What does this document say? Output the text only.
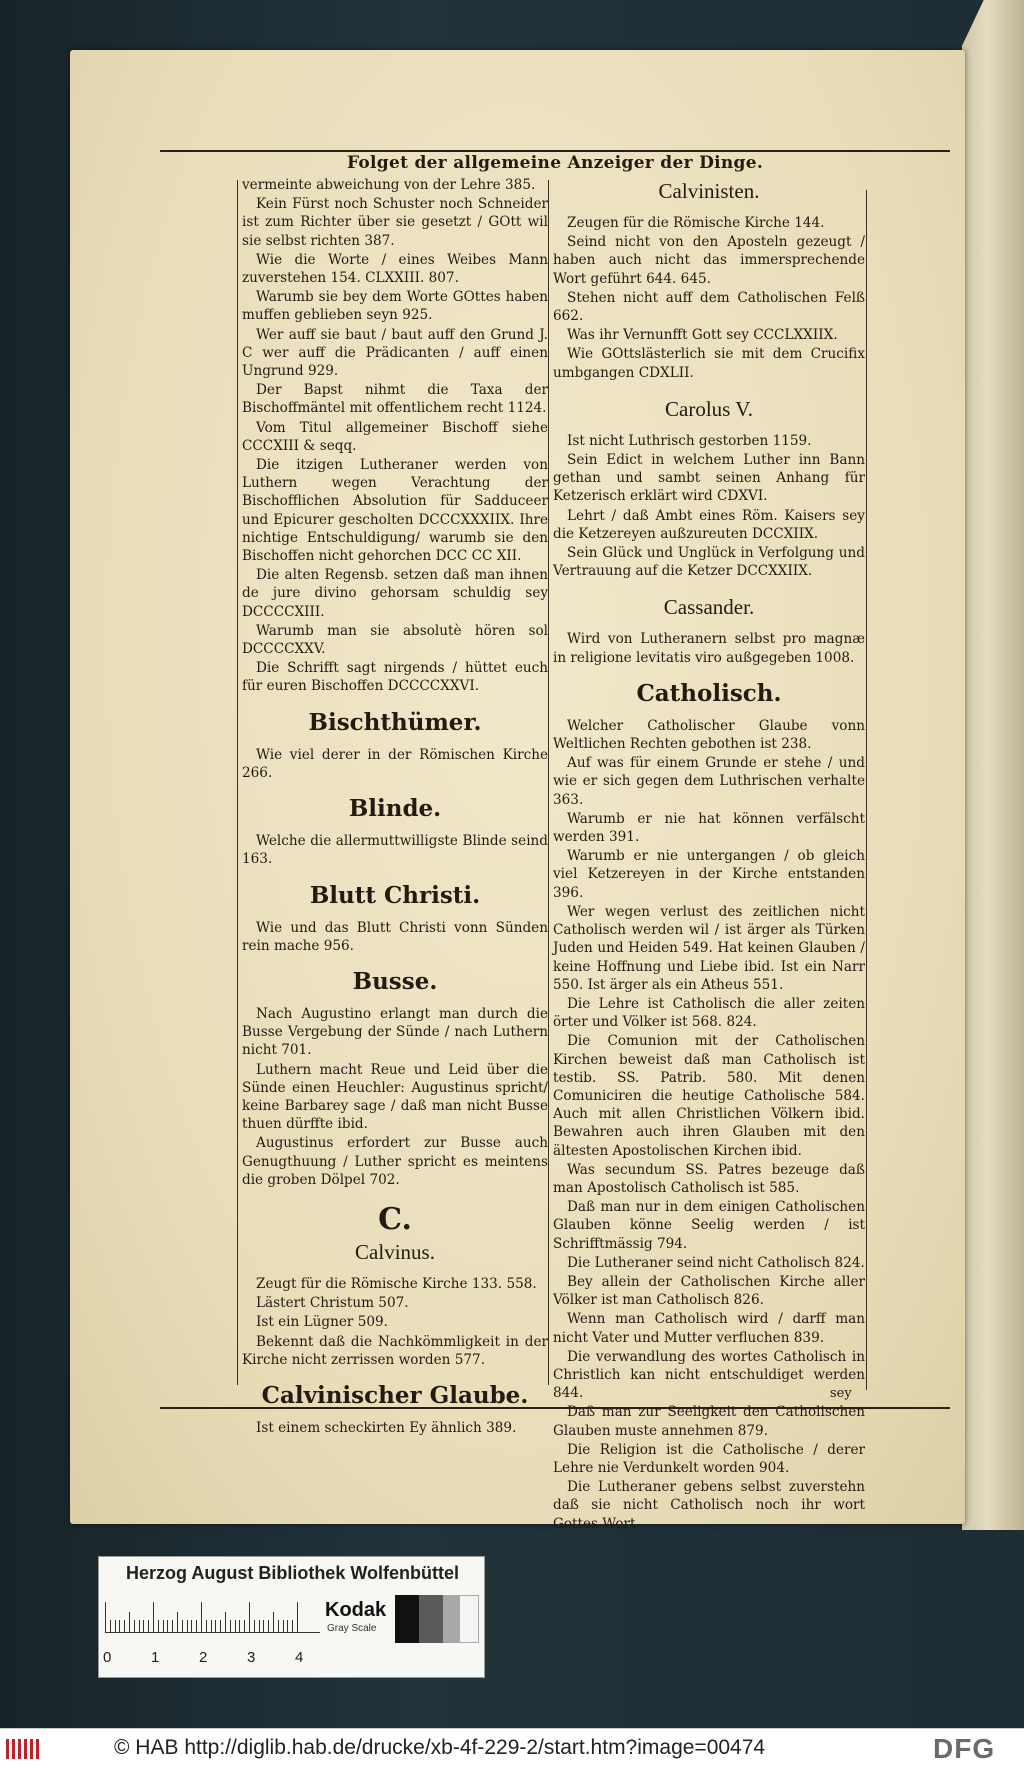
Folget der allgemeine Anzeiger der Dinge.

vermeinte abweichung von der Lehre 385.

Kein Fürst noch Schuster noch Schneider ist zum Richter über sie gesetzt / GOtt wil sie selbst richten 387.

Wie die Worte / eines Weibes Mann zuverstehen 154. CLXXIII. 807.

Warumb sie bey dem Worte GOttes haben muffen geblieben seyn 925.

Wer auff sie baut / baut auff den Grund J. C wer auff die Prädicanten / auff einen Ungrund 929.

Der Bapst nihmt die Taxa der Bischoffmäntel mit offentlichem recht 1124.

Vom Titul allgemeiner Bischoff siehe CCCXIII & seqq.

Die itzigen Lutheraner werden von Luthern wegen Verachtung der Bischofflichen Absolution für Sadduceer und Epicurer gescholten DCCCXXXIIX. Ihre nichtige Entschuldigung/ warumb sie den Bischoffen nicht gehorchen DCC CC XII.

Die alten Regensb. setzen daß man ihnen de jure divino gehorsam schuldig sey DCCCCXIII.

Warumb man sie absolutè hören sol DCCCCXXV.

Die Schrifft sagt nirgends / hüttet euch für euren Bischoffen DCCCCXXVI.

Bischthümer.

Wie viel derer in der Römischen Kirche 266.

Blinde.

Welche die allermuttwilligste Blinde seind 163.

Blutt Christi.

Wie und das Blutt Christi vonn Sünden rein mache 956.

Busse.

Nach Augustino erlangt man durch die Busse Vergebung der Sünde / nach Luthern nicht 701.

Luthern macht Reue und Leid über die Sünde einen Heuchler: Augustinus spricht/ keine Barbarey sage / daß man nicht Busse thuen dürffte ibid.

Augustinus erfordert zur Busse auch Genugthuung / Luther spricht es meintens die groben Dölpel 702.

C.
Calvinus.

Zeugt für die Römische Kirche 133. 558.

Lästert Christum 507.

Ist ein Lügner 509.

Bekennt daß die Nachkömmligkeit in der Kirche nicht zerrissen worden 577.

Calvinischer Glaube.

Ist einem scheckirten Ey ähnlich 389.

Calvinisten.

Zeugen für die Römische Kirche 144.

Seind nicht von den Aposteln gezeugt / haben auch nicht das immersprechende Wort geführt 644. 645.

Stehen nicht auff dem Catholischen Felß 662.

Was ihr Vernunfft Gott sey CCCLXXIIX.

Wie GOttslästerlich sie mit dem Crucifix umbgangen CDXLII.

Carolus V.

Ist nicht Luthrisch gestorben 1159.

Sein Edict in welchem Luther inn Bann gethan und sambt seinen Anhang für Ketzerisch erklärt wird CDXVI.

Lehrt / daß Ambt eines Röm. Kaisers sey die Ketzereyen außzureuten DCCXIIX.

Sein Glück und Unglück in Verfolgung und Vertrauung auf die Ketzer DCCXXIIX.

Cassander.

Wird von Lutheranern selbst pro magnæ in religione levitatis viro außgegeben 1008.

Catholisch.

Welcher Catholischer Glaube vonn Weltlichen Rechten gebothen ist 238.

Auf was für einem Grunde er stehe / und wie er sich gegen dem Luthrischen verhalte 363.

Warumb er nie hat können verfälscht werden 391.

Warumb er nie untergangen / ob gleich viel Ketzereyen in der Kirche entstanden 396.

Wer wegen verlust des zeitlichen nicht Catholisch werden wil / ist ärger als Türken Juden und Heiden 549. Hat keinen Glauben / keine Hoffnung und Liebe ibid. Ist ein Narr 550. Ist ärger als ein Atheus 551.

Die Lehre ist Catholisch die aller zeiten örter und Völker ist 568. 824.

Die Comunion mit der Catholischen Kirchen beweist daß man Catholisch ist testib. SS. Patrib. 580. Mit denen Comuniciren die heutige Catholische 584. Auch mit allen Christlichen Völkern ibid. Bewahren auch ihren Glauben mit den ältesten Apostolischen Kirchen ibid.

Was secundum SS. Patres bezeuge daß man Apostolisch Catholisch ist 585.

Daß man nur in dem einigen Catholischen Glauben könne Seelig werden / ist Schrifftmässig 794.

Die Lutheraner seind nicht Catholisch 824.

Bey allein der Catholischen Kirche aller Völker ist man Catholisch 826.

Wenn man Catholisch wird / darff man nicht Vater und Mutter verfluchen 839.

Die verwandlung des wortes Catholisch in Christlich kan nicht entschuldiget werden 844.

Daß man zur Seeligkeit den Catholischen Glauben muste annehmen 879.

Die Religion ist die Catholische / derer Lehre nie Verdunkelt worden 904.

Die Lutheraner gebens selbst zuverstehn daß sie nicht Catholisch noch ihr wort Gottes Wort

sey
Herzog August Bibliothek Wolfenbüttel
0	1	2	3	4
Kodak
Gray Scale
© HAB http://diglib.hab.de/drucke/xb-4f-229-2/start.htm?image=00474	DFG
